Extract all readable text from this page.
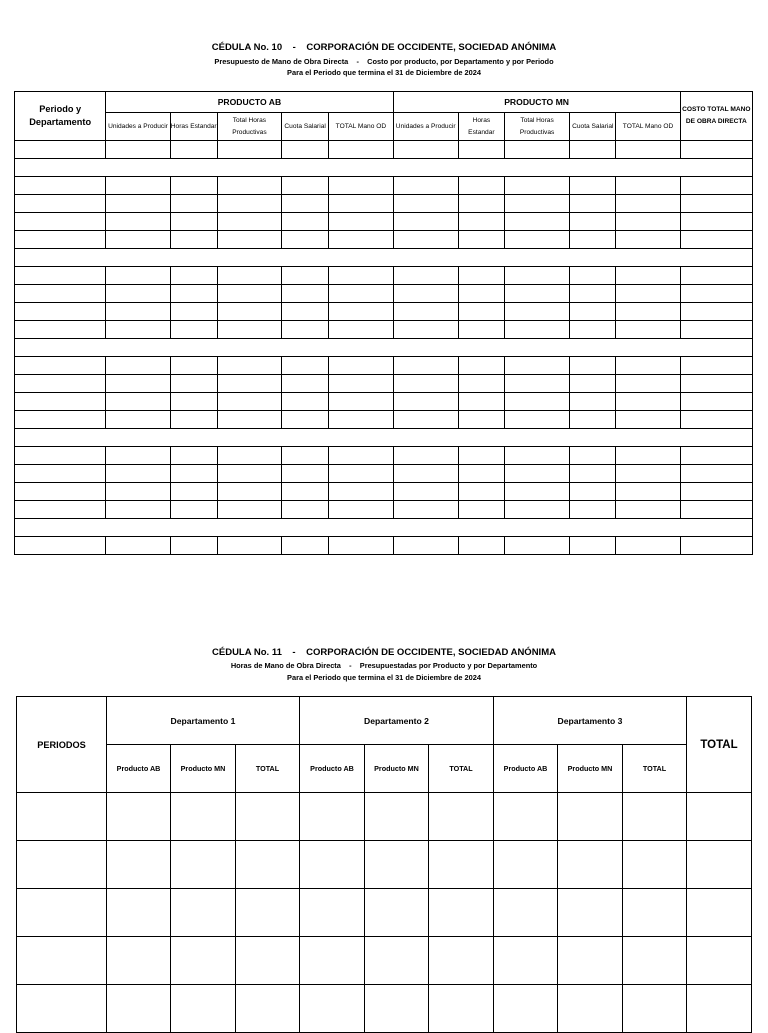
CÉDULA No. 10    -    CORPORACIÓN DE OCCIDENTE, SOCIEDAD ANÓNIMA
Presupuesto de Mano de Obra Directa    -    Costo por producto, por Departamento y por Periodo
Para el Periodo que termina el 31 de Diciembre de 2024
Periodo y Departamento	PRODUCTO AB					PRODUCTO MN					COSTO TOTAL MANO DE OBRA DIRECTA
	Unidades a Producir	Horas Estandar	Total Horas Productivas	Cuota Salarial	TOTAL Mano OD	Unidades a Producir	Horas Estandar	Total Horas Productivas	Cuota Salarial	TOTAL Mano OD	

CÉDULA No. 11    -    CORPORACIÓN DE OCCIDENTE, SOCIEDAD ANÓNIMA
Horas de Mano de Obra Directa    -    Presupuestadas por Producto y por Departamento
Para el Periodo que termina el 31 de Diciembre de 2024
PERIODOS	Departamento 1			Departamento 2			Departamento 3			TOTAL
	Producto AB	Producto MN	TOTAL	Producto AB	Producto MN	TOTAL	Producto AB	Producto MN	TOTAL	
